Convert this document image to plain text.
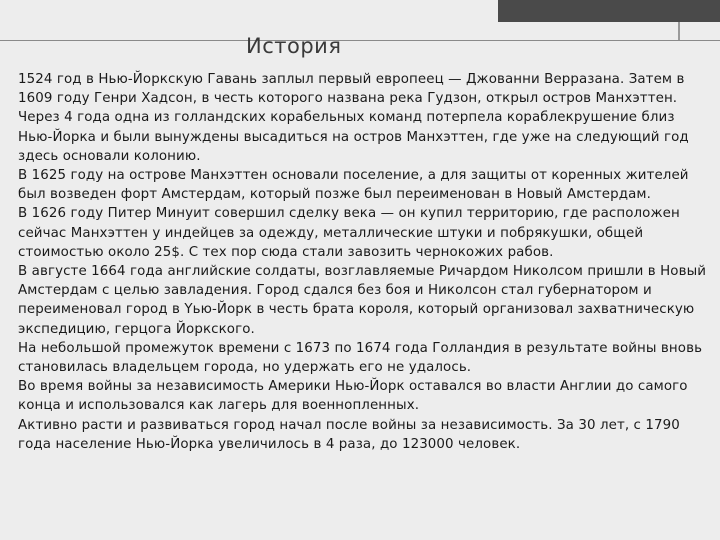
История

1524 год в Нью-Йоркскую Гавань заплыл первый европеец — Джованни Верразана. Затем в 1609 году Генри Хадсон, в честь которого названа река Гудзон, открыл остров Манхэттен. Через 4 года одна из голландских корабельных команд потерпела кораблекрушение близ Нью-Йорка и были вынуждены высадиться на остров Манхэттен, где уже на следующий год здесь основали колонию.

В 1625 году на острове Манхэттен основали поселение, а для защиты от коренных жителей был возведен форт Амстердам, который позже был переименован в Новый Амстердам.

В 1626 году Питер Минуит совершил сделку века — он купил территорию, где расположен сейчас Манхэттен у индейцев за одежду, металлические штуки и побрякушки, общей стоимостью около 25$. С тех пор сюда стали завозить чернокожих рабов.

В августе 1664 года английские солдаты, возглавляемые Ричардом Николсом пришли в Новый Амстердам с целью завладения. Город сдался без боя и Николсон стал губернатором и переименовал город в Yью-Йорк в честь брата короля, который организовал захватническую экспедицию, герцога Йоркского.

На небольшой промежуток времени с 1673 по 1674 года Голландия в результате войны вновь становилась владельцем города, но удержать его не удалось.

Во время войны за независимость Америки Нью-Йорк оставался во власти Англии до самого конца и использовался как лагерь для военнопленных.

Активно расти и развиваться город начал после войны за независимость. За 30 лет, с 1790 года население Нью-Йорка увеличилось в 4 раза, до 123000 человек.
